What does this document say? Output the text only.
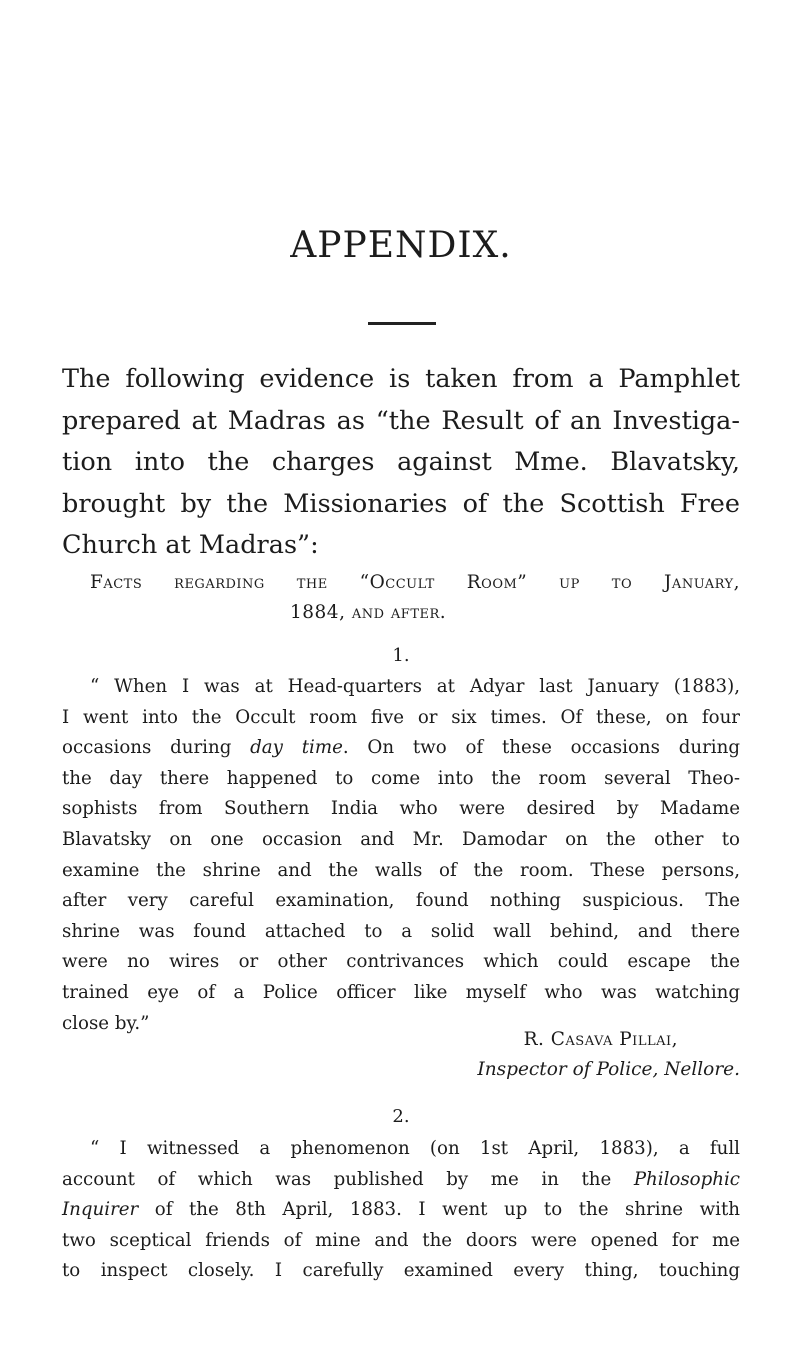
APPENDIX.
The following evidence is taken from a Pamphlet
prepared at Madras as “the Result of an Investiga-
tion into the charges against Mme. Blavatsky,
brought by the Missionaries of the Scottish Free
Church at Madras”:
Facts regarding the “Occult Room” up to January,
1884, and after.
1.
“ When I was at Head-quarters at Adyar last January (1883),
I went into the Occult room five or six times. Of these, on four
occasions during day time. On two of these occasions during
the day there happened to come into the room several Theo-
sophists from Southern India who were desired by Madame
Blavatsky on one occasion and Mr. Damodar on the other to
examine the shrine and the walls of the room. These persons,
after very careful examination, found nothing suspicious. The
shrine was found attached to a solid wall behind, and there
were no wires or other contrivances which could escape the
trained eye of a Police officer like myself who was watching
close by.”
R. Casava Pillai,
Inspector of Police, Nellore.
2.
“ I witnessed a phenomenon (on 1st April, 1883), a full
account of which was published by me in the Philosophic
Inquirer of the 8th April, 1883. I went up to the shrine with
two sceptical friends of mine and the doors were opened for me
to inspect closely. I carefully examined every thing, touching
